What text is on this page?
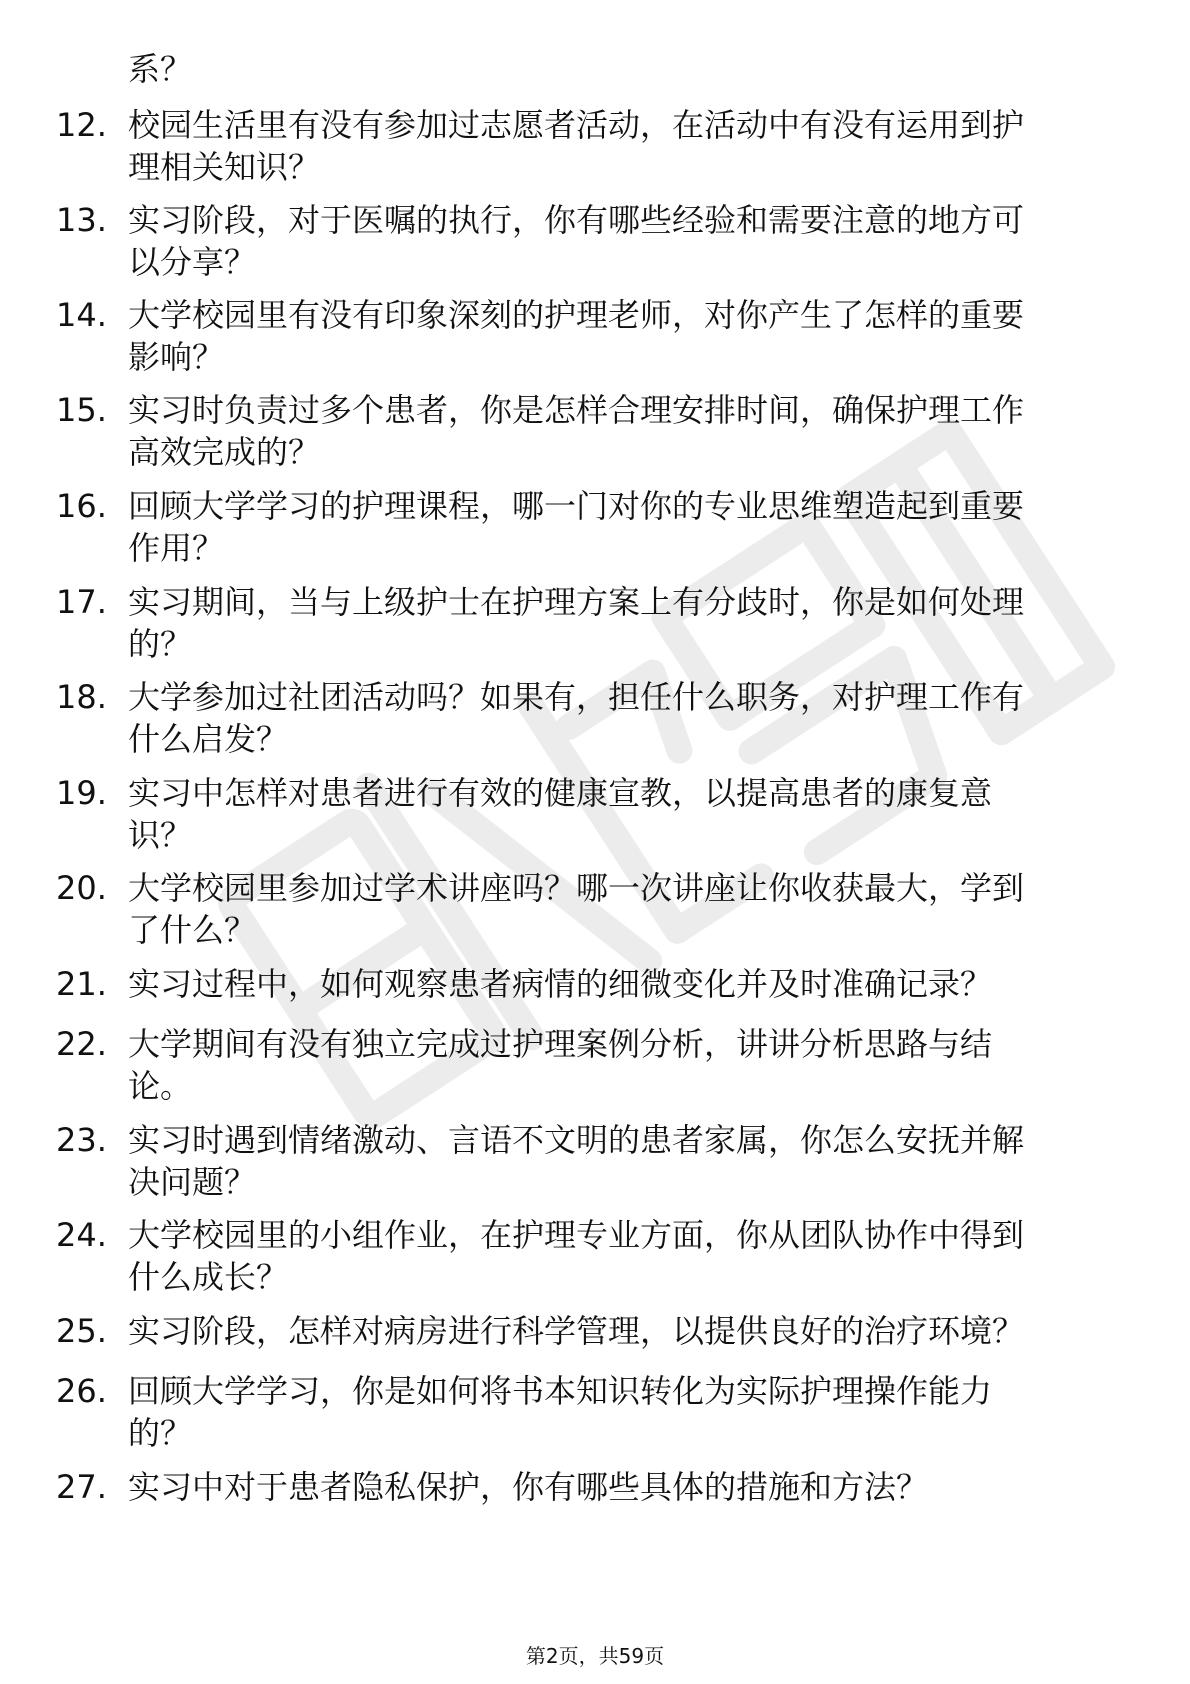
系？
12. 校园生活里有没有参加过志愿者活动，在活动中有没有运用到护
理相关知识？
13. 实习阶段，对于医嘱的执行，你有哪些经验和需要注意的地方可
以分享？
14. 大学校园里有没有印象深刻的护理老师，对你产生了怎样的重要
影响？
15. 实习时负责过多个患者，你是怎样合理安排时间，确保护理工作
高效完成的？
16. 回顾大学学习的护理课程，哪一门对你的专业思维塑造起到重要
作用？
17. 实习期间，当与上级护士在护理方案上有分歧时，你是如何处理
的？
18. 大学参加过社团活动吗？如果有，担任什么职务，对护理工作有
什么启发？
19. 实习中怎样对患者进行有效的健康宣教，以提高患者的康复意
识？
20. 大学校园里参加过学术讲座吗？哪一次讲座让你收获最大，学到
了什么？
21. 实习过程中，如何观察患者病情的细微变化并及时准确记录？
22. 大学期间有没有独立完成过护理案例分析，讲讲分析思路与结
论。
23. 实习时遇到情绪激动、言语不文明的患者家属，你怎么安抚并解
决问题？
24. 大学校园里的小组作业，在护理专业方面，你从团队协作中得到
什么成长？
25. 实习阶段，怎样对病房进行科学管理，以提供良好的治疗环境？
26. 回顾大学学习，你是如何将书本知识转化为实际护理操作能力
的？
27. 实习中对于患者隐私保护，你有哪些具体的措施和方法？
第2页，共59页
